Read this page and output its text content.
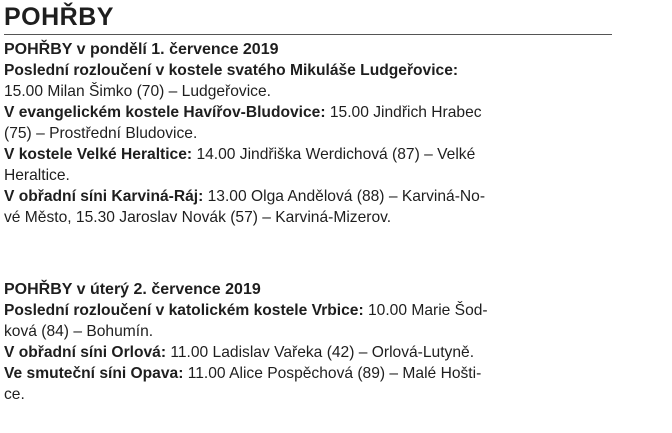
POHŘBY

POHŘBY v pondělí 1. července 2019

Poslední rozloučení v kostele svatého Mikuláše Ludgeřovice:
15.00 Milan Šimko (70) – Ludgeřovice.

V evangelickém kostele Havířov-Bludovice: 15.00 Jindřich Hrabec
(75) – Prostřední Bludovice.

V kostele Velké Heraltice: 14.00 Jindřiška Werdichová (87) – Velké
Heraltice.

V obřadní síni Karviná-Ráj: 13.00 Olga Andělová (88) – Karviná-No-
vé Město, 15.30 Jaroslav Novák (57) – Karviná-Mizerov.

POHŘBY v úterý 2. července 2019

Poslední rozloučení v katolickém kostele Vrbice: 10.00 Marie Šod-
ková (84) – Bohumín.

V obřadní síni Orlová: 11.00 Ladislav Vařeka (42) – Orlová-Lutyně.

Ve smuteční síni Opava: 11.00 Alice Pospěchová (89) – Malé Hošti-

ce.
